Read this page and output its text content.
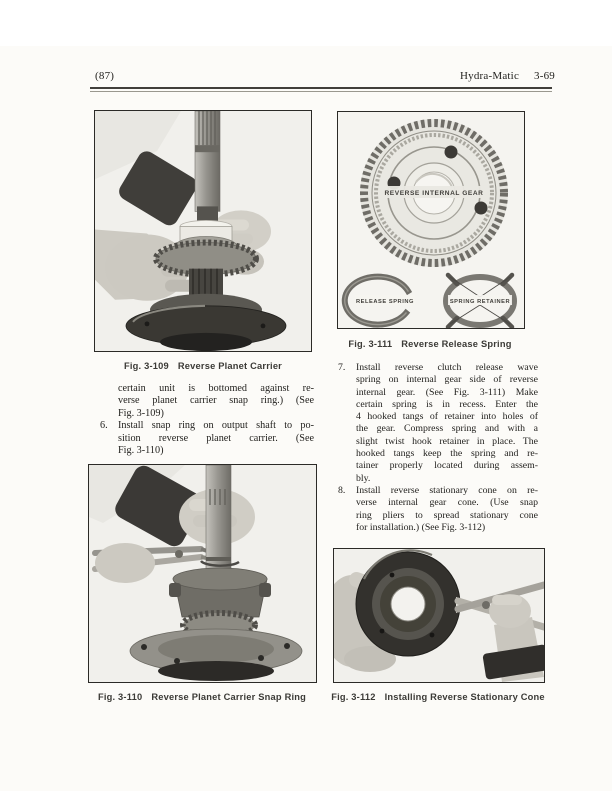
(87)	Hydra-Matic 3-69
Fig. 3-109 Reverse Planet Carrier
certain unit is bottomed against re-
verse planet carrier snap ring.) (See
Fig. 3-109)
6. Install snap ring on output shaft to po-
sition reverse planet carrier. (See
Fig. 3-110)
Fig. 3-110 Reverse Planet Carrier Snap Ring
REVERSE INTERNAL GEAR
RELEASE SPRING	SPRING RETAINER
Fig. 3-111 Reverse Release Spring
7. Install reverse clutch release wave
spring on internal gear side of reverse
internal gear. (See Fig. 3-111) Make
certain spring is in recess. Enter the
4 hooked tangs of retainer into holes of
the gear. Compress spring and with a
slight twist hook retainer in place. The
hooked tangs keep the spring and re-
tainer properly located during assem-
bly.
8. Install reverse stationary cone on re-
verse internal gear cone. (Use snap
ring pliers to spread stationary cone
for installation.) (See Fig. 3-112)
Fig. 3-112 Installing Reverse Stationary Cone
